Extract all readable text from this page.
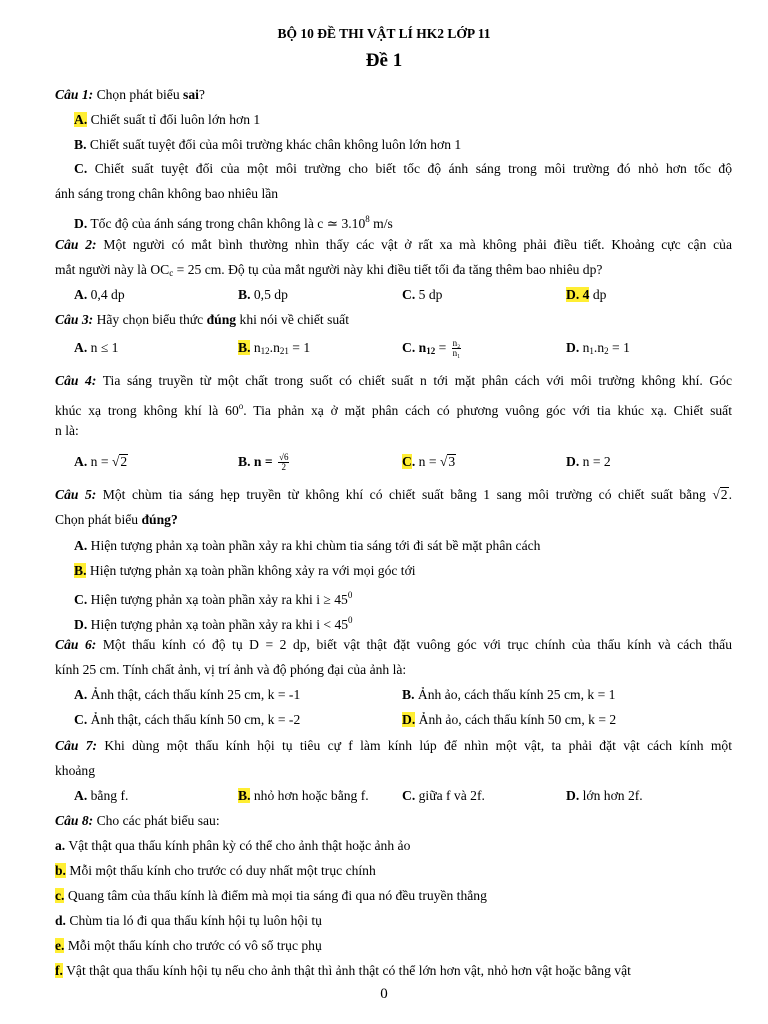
BỘ 10 ĐỀ THI VẬT LÍ HK2 LỚP 11
Đề 1
Câu 1: Chọn phát biểu sai?
A. Chiết suất tỉ đối luôn lớn hơn 1
B. Chiết suất tuyệt đối của môi trường khác chân không luôn lớn hơn 1
C. Chiết suất tuyệt đối của một môi trường cho biết tốc độ ánh sáng trong môi trường đó nhỏ hơn tốc độ
ánh sáng trong chân không bao nhiêu lần
D. Tốc độ của ánh sáng trong chân không là c ≃ 3.10$^8$ m/s
Câu 2: Một người có mắt bình thường nhìn thấy các vật ở rất xa mà không phải điều tiết. Khoảng cực cận của
mắt người này là $OC_c = 25$ cm. Độ tụ của mắt người này khi điều tiết tối đa tăng thêm bao nhiêu dp?
A. 0,4 dp	B. 0,5 dp	C. 5 dp	D. 4 dp
Câu 3: Hãy chọn biểu thức đúng khi nói về chiết suất
A. n ≤ 1	B. $n_{12}.n_{21} = 1$	C. $n_{12} = \frac{\text{n₂}}{\text{n₁}}$	D. $n_1.n_2 = 1$
Câu 4: Tia sáng truyền từ một chất trong suốt có chiết suất n tới mặt phân cách với môi trường không khí. Góc
khúc xạ trong không khí là 60$^o$. Tia phản xạ ở mặt phân cách có phương vuông góc với tia khúc xạ. Chiết suất
n là:
A. n = √2	B. $n = \frac{√6}{2}$	C. n = √3	D. n = 2
Câu 5: Một chùm tia sáng hẹp truyền từ không khí có chiết suất bằng 1 sang môi trường có chiết suất bằng √2.
Chọn phát biểu đúng?
A. Hiện tượng phản xạ toàn phần xảy ra khi chùm tia sáng tới đi sát bề mặt phân cách
B. Hiện tượng phản xạ toàn phần không xảy ra với mọi góc tới
C. Hiện tượng phản xạ toàn phần xảy ra khi $i \ge 45^0$
D. Hiện tượng phản xạ toàn phần xảy ra khi $i < 45^0$
Câu 6: Một thấu kính có độ tụ D = 2 dp, biết vật thật đặt vuông góc với trục chính của thấu kính và cách thấu
kính 25 cm. Tính chất ảnh, vị trí ảnh và độ phóng đại của ảnh là:
A. Ảnh thật, cách thấu kính 25 cm, k = -1	B. Ảnh ảo, cách thấu kính 25 cm, k = 1
C. Ảnh thật, cách thấu kính 50 cm, k = -2	D. Ảnh ảo, cách thấu kính 50 cm, k = 2
Câu 7: Khi dùng một thấu kính hội tụ tiêu cự f làm kính lúp để nhìn một vật, ta phải đặt vật cách kính một
khoảng
A. bằng f.	B. nhỏ hơn hoặc bằng f. C. giữa f và 2f.	D. lớn hơn 2f.
Câu 8: Cho các phát biểu sau:
a. Vật thật qua thấu kính phân kỳ có thể cho ảnh thật hoặc ảnh ảo
b. Mỗi một thấu kính cho trước có duy nhất một trục chính
c. Quang tâm của thấu kính là điểm mà mọi tia sáng đi qua nó đều truyền thẳng
d. Chùm tia ló đi qua thấu kính hội tụ luôn hội tụ
e. Mỗi một thấu kính cho trước có vô số trục phụ
f. Vật thật qua thấu kính hội tụ nếu cho ảnh thật thì ảnh thật có thể lớn hơn vật, nhỏ hơn vật hoặc bằng vật
0
